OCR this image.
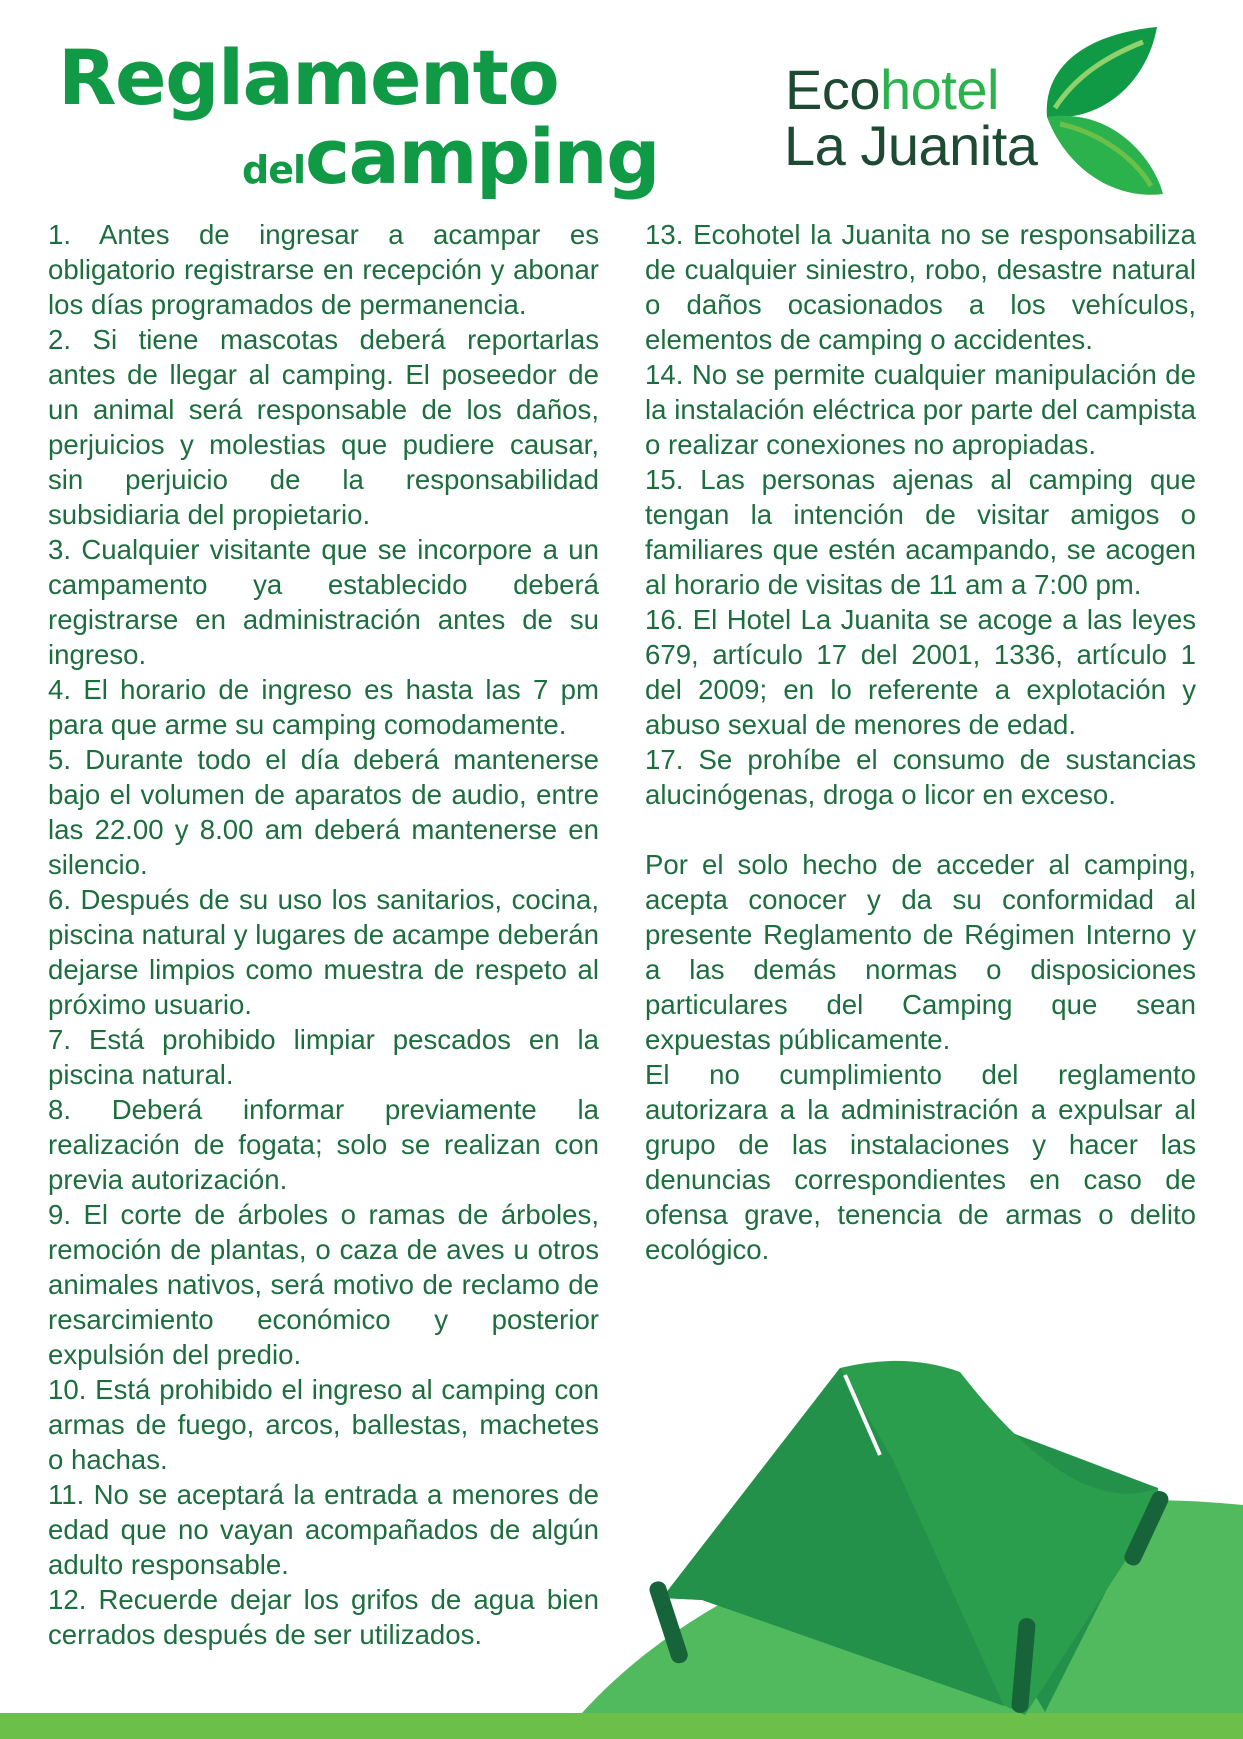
Reglamento
delcamping
Ecohotel
La Juanita

1. Antes de ingresar a acampar es obligatorio registrarse en recepción y abonar los días programados de permanencia.

2. Si tiene mascotas deberá reportarlas antes de llegar al camping. El poseedor de un animal será responsable de los daños, perjuicios y molestias que pudiere causar, sin perjuicio de la responsabilidad subsidiaria del propietario.

3. Cualquier visitante que se incorpore a un campamento ya establecido deberá registrarse en administración antes de su ingreso.

4. El horario de ingreso es hasta las 7 pm para que arme su camping comodamente.

5. Durante todo el día deberá mantenerse bajo el volumen de aparatos de audio, entre las 22.00 y 8.00 am deberá mantenerse en silencio.

6. Después de su uso los sanitarios, cocina, piscina natural y lugares de acampe deberán dejarse limpios como muestra de respeto al próximo usuario.

7. Está prohibido limpiar pescados en la piscina natural.

8. Deberá informar previamente la realización de fogata; solo se realizan con previa autorización.

9. El corte de árboles o ramas de árboles, remoción de plantas, o caza de aves u otros animales nativos, será motivo de reclamo de resarcimiento económico y posterior expulsión del predio.

10. Está prohibido el ingreso al camping con armas de fuego, arcos, ballestas, machetes o hachas.

11. No se aceptará la entrada a menores de edad que no vayan acompañados de algún adulto responsable.

12. Recuerde dejar los grifos de agua bien cerrados después de ser utilizados.

13. Ecohotel la Juanita no se responsabiliza de cualquier siniestro, robo, desastre natural o daños ocasionados a los vehículos, elementos de camping o accidentes.

14. No se permite cualquier manipulación de la instalación eléctrica por parte del campista o realizar conexiones no apropiadas.

15. Las personas ajenas al camping que tengan la intención de visitar amigos o familiares que estén acampando, se acogen al horario de visitas de 11 am a 7:00 pm.

16. El Hotel La Juanita se acoge a las leyes 679, artículo 17 del 2001, 1336, artículo 1 del 2009; en lo referente a explotación y abuso sexual de menores de edad.

17. Se prohíbe el consumo de sustancias alucinógenas, droga o licor en exceso.

Por el solo hecho de acceder al camping, acepta conocer y da su conformidad al presente Reglamento de Régimen Interno y a las demás normas o disposiciones particulares del Camping que sean expuestas públicamente.

El no cumplimiento del reglamento autorizara a la administración a expulsar al grupo de las instalaciones y hacer las denuncias correspondientes en caso de ofensa grave, tenencia de armas o delito ecológico.
